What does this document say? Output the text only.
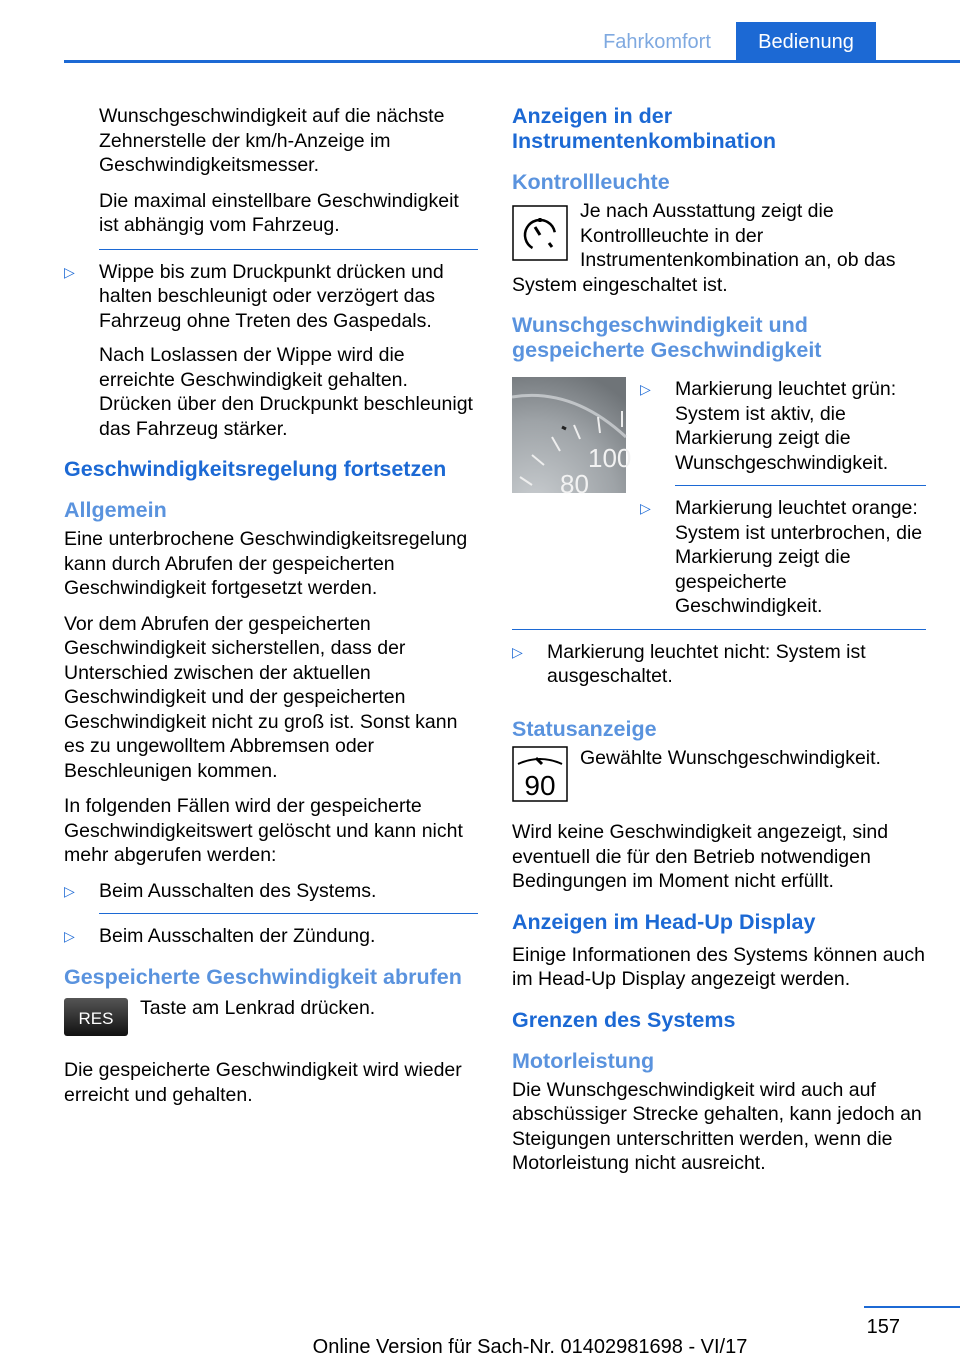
Fahrkomfort	Bedienung

Wunschgeschwindigkeit auf die nächste Zehnerstelle der km/h-Anzeige im Geschwindigkeitsmesser.

Die maximal einstellbare Geschwindigkeit ist abhängig vom Fahrzeug.

▷ Wippe bis zum Druckpunkt drücken und halten beschleunigt oder verzögert das Fahrzeug ohne Treten des Gaspedals.
Nach Loslassen der Wippe wird die erreichte Geschwindigkeit gehalten. Drücken über den Druckpunkt beschleunigt das Fahrzeug stärker.
Geschwindigkeitsregelung fortsetzen
Allgemein

Eine unterbrochene Geschwindigkeitsregelung kann durch Abrufen der gespeicherten Geschwindigkeit fortgesetzt werden.

Vor dem Abrufen der gespeicherten Geschwindigkeit sicherstellen, dass der Unterschied zwischen der aktuellen Geschwindigkeit und der gespeicherten Geschwindigkeit nicht zu groß ist. Sonst kann es zu ungewolltem Abbremsen oder Beschleunigen kommen.

In folgenden Fällen wird der gespeicherte Geschwindigkeitswert gelöscht und kann nicht mehr abgerufen werden:

▷ Beim Ausschalten des Systems.
▷ Beim Ausschalten der Zündung.
Gespeicherte Geschwindigkeit abrufen
RES Taste am Lenkrad drücken.

Die gespeicherte Geschwindigkeit wird wieder erreicht und gehalten.

Anzeigen in der Instrumentenkombination
Kontrollleuchte
Je nach Ausstattung zeigt die Kontrollleuchte in der Instrumentenkombination an, ob das System eingeschaltet ist.
Wunschgeschwindigkeit und gespeicherte Geschwindigkeit
100
80
▷ Markierung leuchtet grün: System ist aktiv, die Markierung zeigt die Wunschgeschwindigkeit.
▷ Markierung leuchtet orange: System ist unterbrochen, die Markierung zeigt die gespeicherte Geschwindigkeit.
▷ Markierung leuchtet nicht: System ist ausgeschaltet.
Statusanzeige
90
Gewählte Wunschgeschwindigkeit.

Wird keine Geschwindigkeit angezeigt, sind eventuell die für den Betrieb notwendigen Bedingungen im Moment nicht erfüllt.

Anzeigen im Head-Up Display

Einige Informationen des Systems können auch im Head-Up Display angezeigt werden.

Grenzen des Systems
Motorleistung

Die Wunschgeschwindigkeit wird auch auf abschüssiger Strecke gehalten, kann jedoch an Steigungen unterschritten werden, wenn die Motorleistung nicht ausreicht.

157
Online Version für Sach-Nr. 01402981698 - VI/17
